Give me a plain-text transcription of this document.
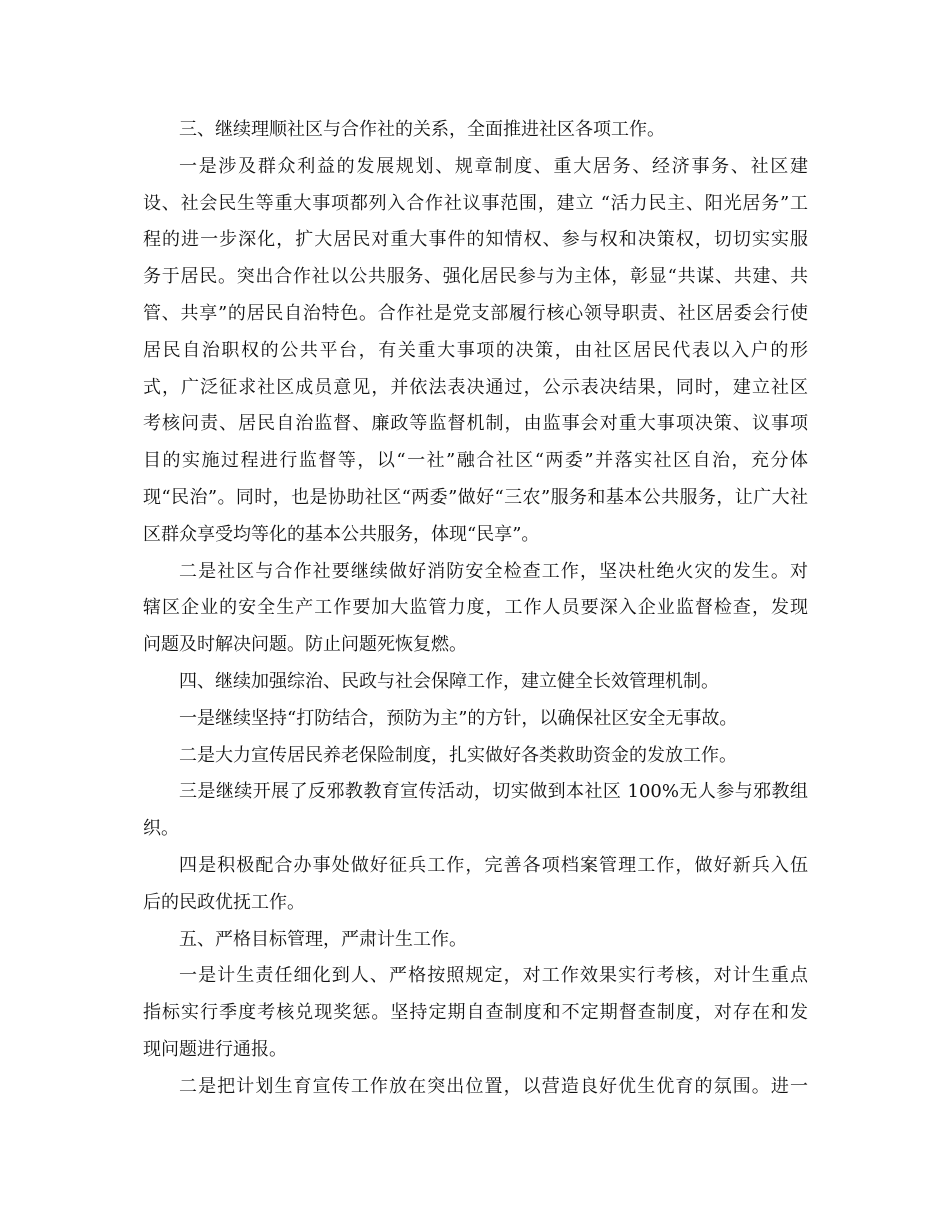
三、继续理顺社区与合作社的关系，全面推进社区各项工作。
一是涉及群众利益的发展规划、规章制度、重大居务、经济事务、社区建
设、社会民生等重大事项都列入合作社议事范围，建立 “活力民主、阳光居务”工
程的进一步深化，扩大居民对重大事件的知情权、参与权和决策权，切切实实服
务于居民。突出合作社以公共服务、强化居民参与为主体，彰显“共谋、共建、共
管、共享”的居民自治特色。合作社是党支部履行核心领导职责、社区居委会行使
居民自治职权的公共平台，有关重大事项的决策，由社区居民代表以入户的形
式，广泛征求社区成员意见，并依法表决通过，公示表决结果，同时，建立社区
考核问责、居民自治监督、廉政等监督机制，由监事会对重大事项决策、议事项
目的实施过程进行监督等，以“一社”融合社区“两委”并落实社区自治，充分体
现“民治”。同时，也是协助社区“两委”做好“三农”服务和基本公共服务，让广大社
区群众享受均等化的基本公共服务，体现“民享”。
二是社区与合作社要继续做好消防安全检查工作，坚决杜绝火灾的发生。对
辖区企业的安全生产工作要加大监管力度，工作人员要深入企业监督检查，发现
问题及时解决问题。防止问题死恢复燃。
四、继续加强综治、民政与社会保障工作，建立健全长效管理机制。
一是继续坚持“打防结合，预防为主”的方针，以确保社区安全无事故。
二是大力宣传居民养老保险制度，扎实做好各类救助资金的发放工作。
三是继续开展了反邪教教育宣传活动，切实做到本社区 100%无人参与邪教组
织。
四是积极配合办事处做好征兵工作，完善各项档案管理工作，做好新兵入伍
后的民政优抚工作。
五、严格目标管理，严肃计生工作。
一是计生责任细化到人、严格按照规定，对工作效果实行考核，对计生重点
指标实行季度考核兑现奖惩。坚持定期自查制度和不定期督查制度，对存在和发
现问题进行通报。
二是把计划生育宣传工作放在突出位置，以营造良好优生优育的氛围。进一
